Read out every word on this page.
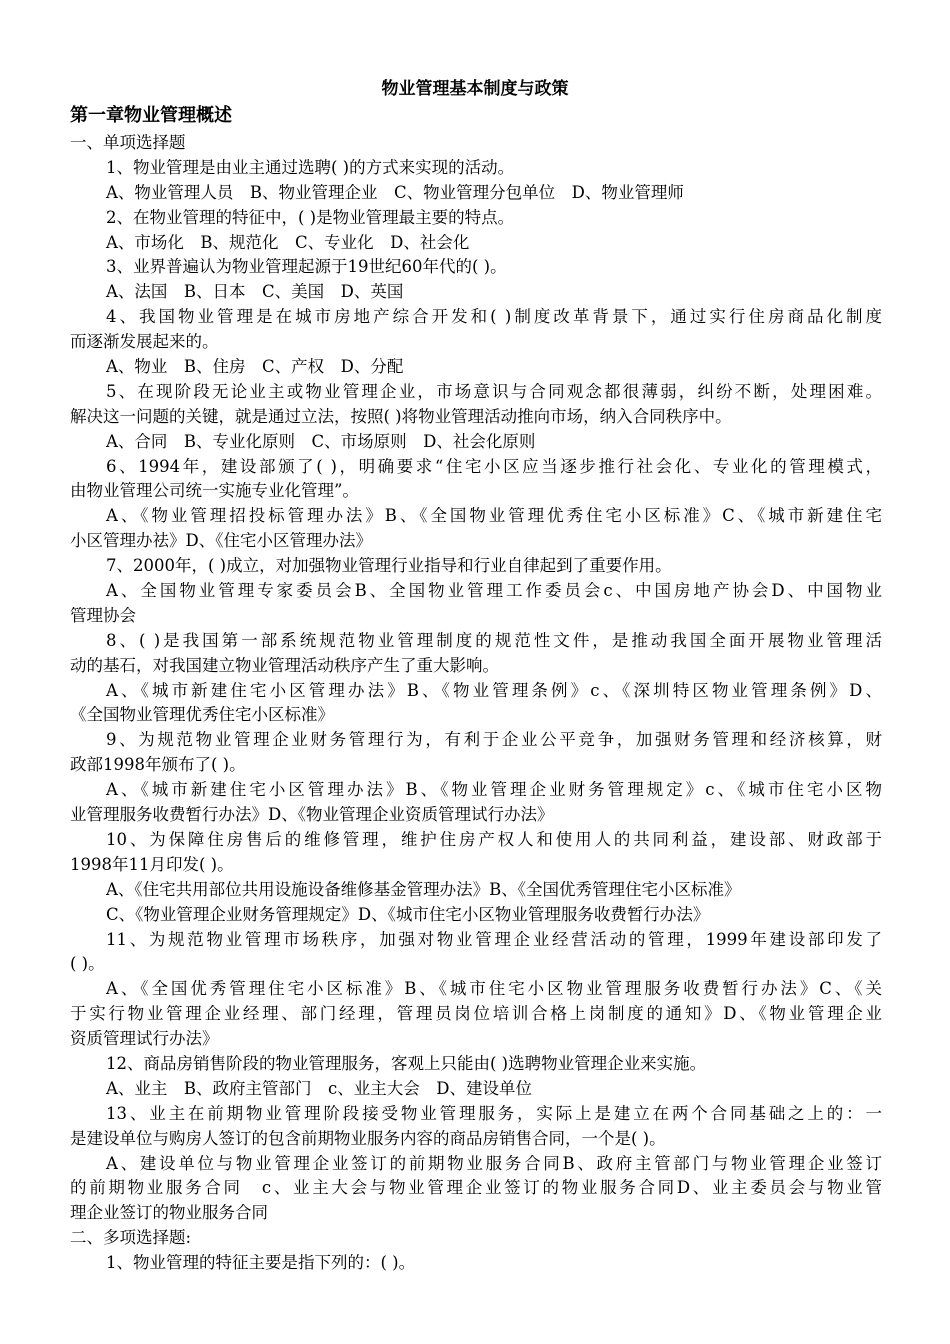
物业管理基本制度与政策
第一章物业管理概述
一、单项选择题
1、物业管理是由业主通过选聘( )的方式来实现的活动。
A、物业管理人员　B、物业管理企业　C、物业管理分包单位　D、物业管理师
2、在物业管理的特征中，( )是物业管理最主要的特点。
A、市场化　B、规范化　C、专业化　D、社会化
3、业界普遍认为物业管理起源于19世纪60年代的( )。
A、法国　B、日本　C、美国　D、英国
4、我国物业管理是在城市房地产综合开发和( )制度改革背景下，通过实行住房商品化制度
而逐渐发展起来的。
A、物业　B、住房　C、产权　D、分配
5、在现阶段无论业主或物业管理企业，市场意识与合同观念都很薄弱，纠纷不断，处理困难。
解决这一问题的关键，就是通过立法，按照( )将物业管理活动推向市场，纳入合同秩序中。
A、合同　B、专业化原则　C、市场原则　D、社会化原则
6、1994年，建设部颁了( )，明确要求“住宅小区应当逐步推行社会化、专业化的管理模式，
由物业管理公司统一实施专业化管理”。
A、《物业管理招投标管理办法》B、《全国物业管理优秀住宅小区标准》C、《城市新建住宅
小区管理办祛》D、《住宅小区管理办法》
7、2000年，( )成立，对加强物业管理行业指导和行业自律起到了重要作用。
A、全国物业管理专家委员会B、全国物业管理工作委员会c、中国房地产协会D、中国物业
管理协会
8、( )是我国第一部系统规范物业管理制度的规范性文件，是推动我国全面开展物业管理活
动的基石，对我国建立物业管理活动秩序产生了重大影响。
A、《城市新建住宅小区管理办法》B、《物业管理条例》c、《深圳特区物业管理条例》D、
《全国物业管理优秀住宅小区标准》
9、为规范物业管理企业财务管理行为，有利于企业公平竞争，加强财务管理和经济核算，财
政部1998年颁布了( )。
A、《城市新建住宅小区管理办法》B、《物业管理企业财务管理规定》c、《城市住宅小区物
业管理服务收费暂行办法》D、《物业管理企业资质管理试行办法》
10、为保障住房售后的维修管理，维护住房产权人和使用人的共同利益，建设部、财政部于
1998年11月印发( )。
A、《住宅共用部位共用设施设备维修基金管理办法》B、《全国优秀管理住宅小区标准》
C、《物业管理企业财务管理规定》D、《城市住宅小区物业管理服务收费暂行办法》
11、为规范物业管理市场秩序，加强对物业管理企业经营活动的管理，1999年建设部印发了
( )。
A、《全国优秀管理住宅小区标准》B、《城市住宅小区物业管理服务收费暂行办法》C、《关
于实行物业管理企业经理、部门经理，管理员岗位培训合格上岗制度的通知》D、《物业管理企业
资质管理试行办法》
12、商品房销售阶段的物业管理服务，客观上只能由( )选聘物业管理企业来实施。
A、业主　B、政府主管部门　c、业主大会　D、建设单位
13、业主在前期物业管理阶段接受物业管理服务，实际上是建立在两个合同基础之上的：一
是建设单位与购房人签订的包含前期物业服务内容的商品房销售合同，一个是( )。
A、建设单位与物业管理企业签订的前期物业服务合同B、政府主管部门与物业管理企业签订
的前期物业服务合同　c、业主大会与物业管理企业签订的物业服务合同D、业主委员会与物业管
理企业签订的物业服务合同
二、多项选择题:
1、物业管理的特征主要是指下列的：( )。
